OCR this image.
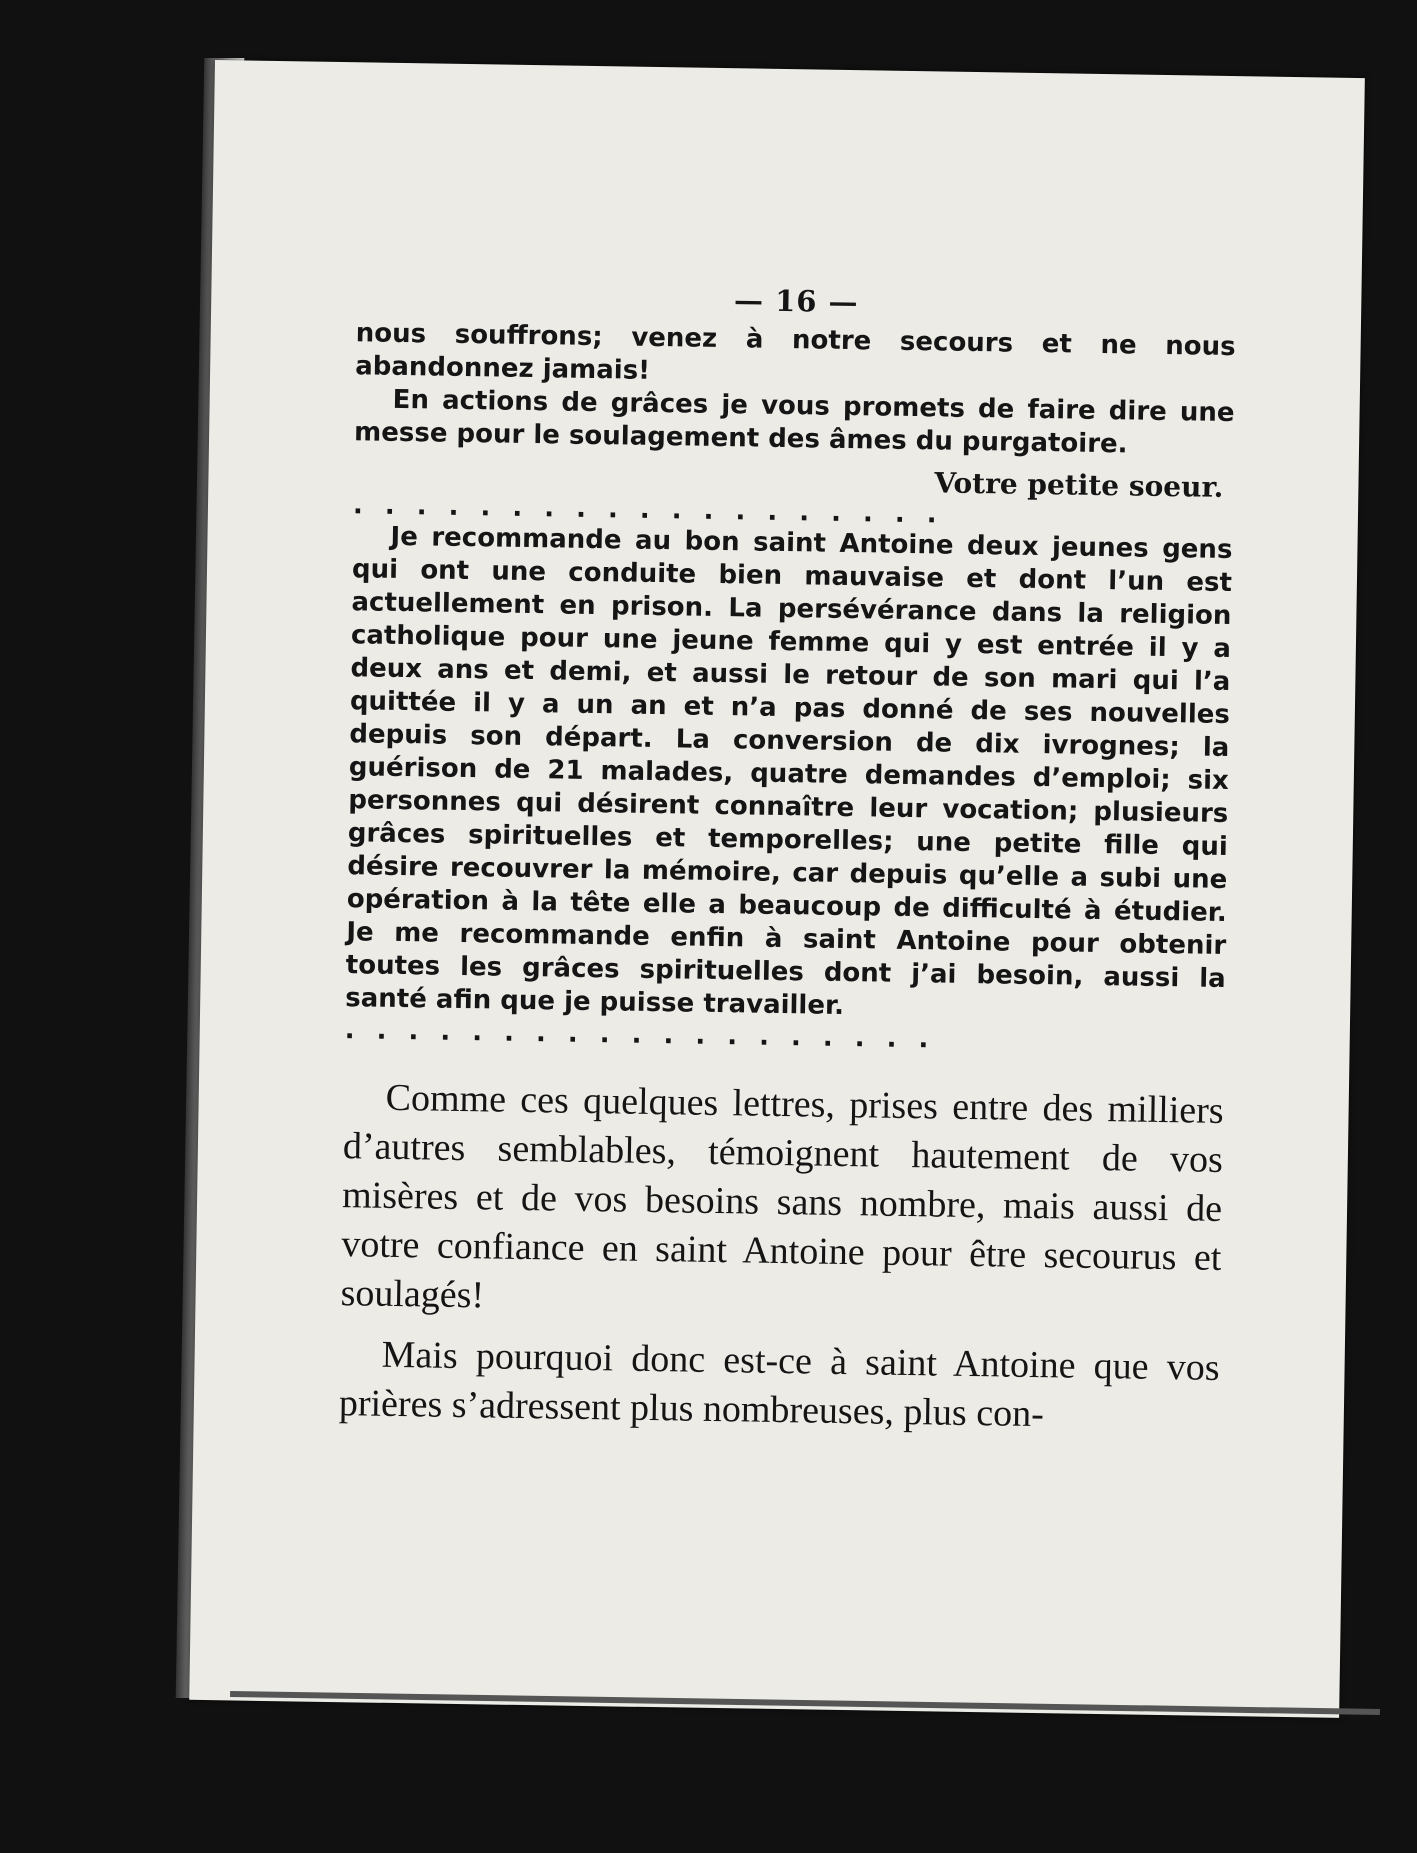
— 16 —

nous souffrons; venez à notre secours et ne nous abandonnez jamais!

En actions de grâces je vous promets de faire dire une messe pour le soulagement des âmes du purgatoire.

Votre petite soeur.

...................

Je recommande au bon saint Antoine deux jeunes gens qui ont une conduite bien mauvaise et dont l’un est actuellement en prison. La persévérance dans la religion catholique pour une jeune femme qui y est entrée il y a deux ans et demi, et aussi le retour de son mari qui l’a quittée il y a un an et n’a pas donné de ses nouvelles depuis son départ. La conversion de dix ivrognes; la guérison de 21 malades, quatre demandes d’emploi; six personnes qui désirent connaître leur vocation; plusieurs grâces spirituelles et temporelles; une petite fille qui désire recouvrer la mémoire, car depuis qu’elle a subi une opération à la tête elle a beaucoup de difficulté à étudier. Je me recommande enfin à saint Antoine pour obtenir toutes les grâces spirituelles dont j’ai besoin, aussi la santé afin que je puisse travailler.

...................

Comme ces quelques lettres, prises entre des milliers d’autres semblables, témoignent hautement de vos misères et de vos besoins sans nombre, mais aussi de votre confiance en saint Antoine pour être secourus et soulagés!

Mais pourquoi donc est-ce à saint Antoine que vos prières s’adressent plus nombreuses, plus con-
